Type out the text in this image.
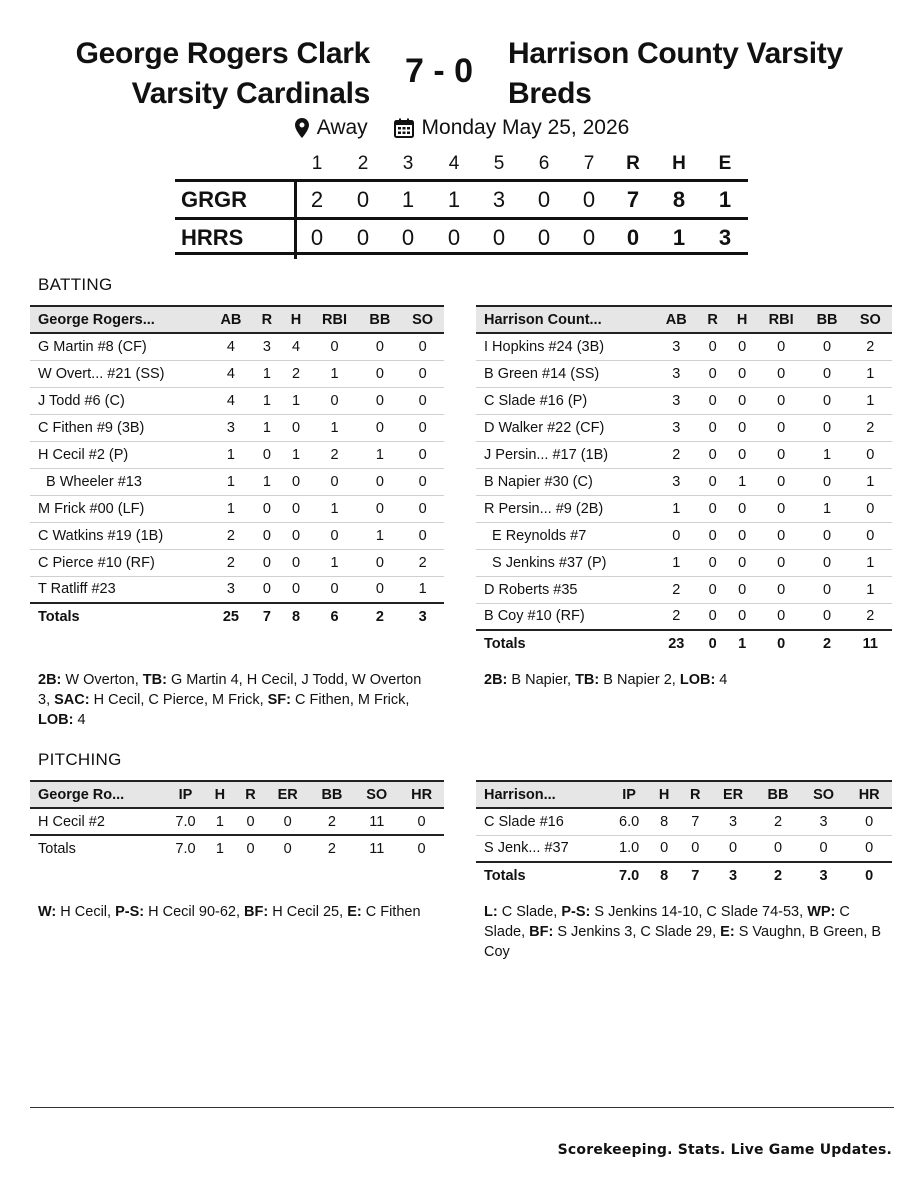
George Rogers Clark
Varsity Cardinals
7 - 0	Harrison County Varsity
Breds
Away
	Monday May 25, 2026
1	2	3	4	5	6	7	R	H	E
GRGR	2	0	1	1	3	0	0	7	8	1
HRRS	0	0	0	0	0	0	0	0	1	3
BATTING
George Rogers...	AB	R	H	RBI	BB	SO
G Martin #8 (CF)	4	3	4	0	0	0
W Overt... #21 (SS)	4	1	2	1	0	0
J Todd #6 (C)	4	1	1	0	0	0
C Fithen #9 (3B)	3	1	0	1	0	0
H Cecil #2 (P)	1	0	1	2	1	0
B Wheeler #13	1	1	0	0	0	0
M Frick #00 (LF)	1	0	0	1	0	0
C Watkins #19 (1B)	2	0	0	0	1	0
C Pierce #10 (RF)	2	0	0	1	0	2
T Ratliff #23	3	0	0	0	0	1
Totals	25	7	8	6	2	3
Harrison Count...	AB	R	H	RBI	BB	SO
I Hopkins #24 (3B)	3	0	0	0	0	2
B Green #14 (SS)	3	0	0	0	0	1
C Slade #16 (P)	3	0	0	0	0	1
D Walker #22 (CF)	3	0	0	0	0	2
J Persin... #17 (1B)	2	0	0	0	1	0
B Napier #30 (C)	3	0	1	0	0	1
R Persin... #9 (2B)	1	0	0	0	1	0
E Reynolds #7	0	0	0	0	0	0
S Jenkins #37 (P)	1	0	0	0	0	1
D Roberts #35	2	0	0	0	0	1
B Coy #10 (RF)	2	0	0	0	0	2
Totals	23	0	1	0	2	11
2B: W Overton, TB: G Martin 4, H Cecil, J Todd, W Overton 3, SAC: H Cecil, C Pierce, M Frick, SF: C Fithen, M Frick, LOB: 4
2B: B Napier, TB: B Napier 2, LOB: 4
PITCHING
George Ro...	IP	H	R	ER	BB	SO	HR
H Cecil #2	7.0	1	0	0	2	11	0
Totals	7.0	1	0	0	2	11	0
Harrison...	IP	H	R	ER	BB	SO	HR
C Slade #16	6.0	8	7	3	2	3	0
S Jenk... #37	1.0	0	0	0	0	0	0
Totals	7.0	8	7	3	2	3	0
W: H Cecil, P-S: H Cecil 90-62, BF: H Cecil 25, E: C Fithen	L: C Slade, P-S: S Jenkins 14-10, C Slade 74-53, WP: C Slade, BF: S Jenkins 3, C Slade 29, E: S Vaughn, B Green, B Coy
Scorekeeping. Stats. Live Game Updates.
